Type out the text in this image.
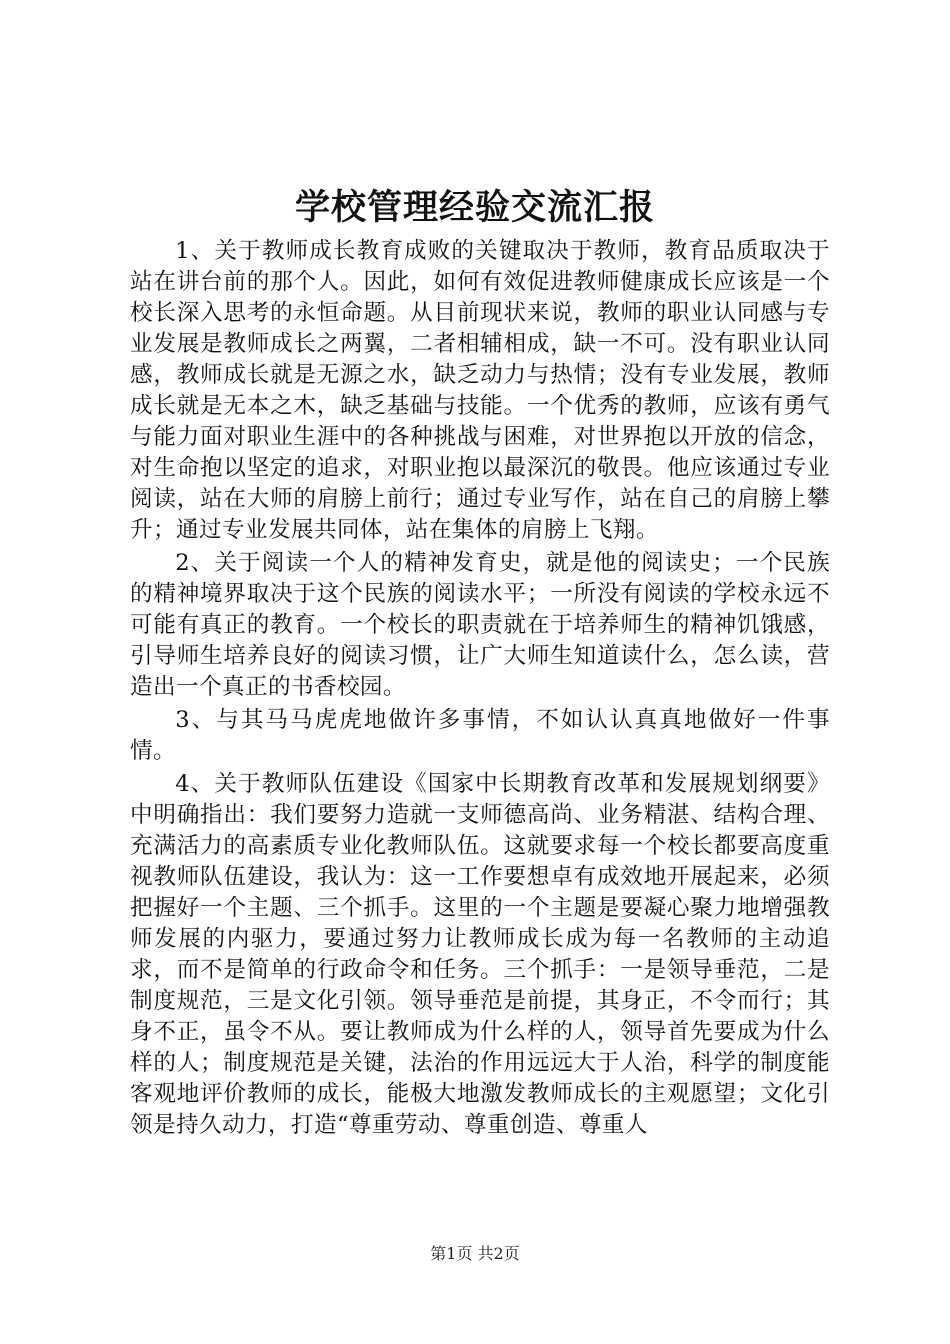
学校管理经验交流汇报

1、关于教师成长教育成败的关键取决于教师，教育品质取决于站在讲台前的那个人。因此，如何有效促进教师健康成长应该是一个校长深入思考的永恒命题。从目前现状来说，教师的职业认同感与专业发展是教师成长之两翼，二者相辅相成，缺一不可。没有职业认同感，教师成长就是无源之水，缺乏动力与热情；没有专业发展，教师成长就是无本之木，缺乏基础与技能。一个优秀的教师，应该有勇气与能力面对职业生涯中的各种挑战与困难，对世界抱以开放的信念，对生命抱以坚定的追求，对职业抱以最深沉的敬畏。他应该通过专业阅读，站在大师的肩膀上前行；通过专业写作，站在自己的肩膀上攀升；通过专业发展共同体，站在集体的肩膀上飞翔。

2、关于阅读一个人的精神发育史，就是他的阅读史；一个民族的精神境界取决于这个民族的阅读水平；一所没有阅读的学校永远不可能有真正的教育。一个校长的职责就在于培养师生的精神饥饿感，引导师生培养良好的阅读习惯，让广大师生知道读什么，怎么读，营造出一个真正的书香校园。

3、与其马马虎虎地做许多事情，不如认认真真地做好一件事情。

4、关于教师队伍建设《国家中长期教育改革和发展规划纲要》中明确指出：我们要努力造就一支师德高尚、业务精湛、结构合理、充满活力的高素质专业化教师队伍。这就要求每一个校长都要高度重视教师队伍建设，我认为：这一工作要想卓有成效地开展起来，必须把握好一个主题、三个抓手。这里的一个主题是要凝心聚力地增强教师发展的内驱力，要通过努力让教师成长成为每一名教师的主动追求，而不是简单的行政命令和任务。三个抓手：一是领导垂范，二是制度规范，三是文化引领。领导垂范是前提，其身正，不令而行；其身不正，虽令不从。要让教师成为什么样的人，领导首先要成为什么样的人；制度规范是关键，法治的作用远远大于人治，科学的制度能客观地评价教师的成长，能极大地激发教师成长的主观愿望；文化引领是持久动力，打造“尊重劳动、尊重创造、尊重人

第1页 共2页
